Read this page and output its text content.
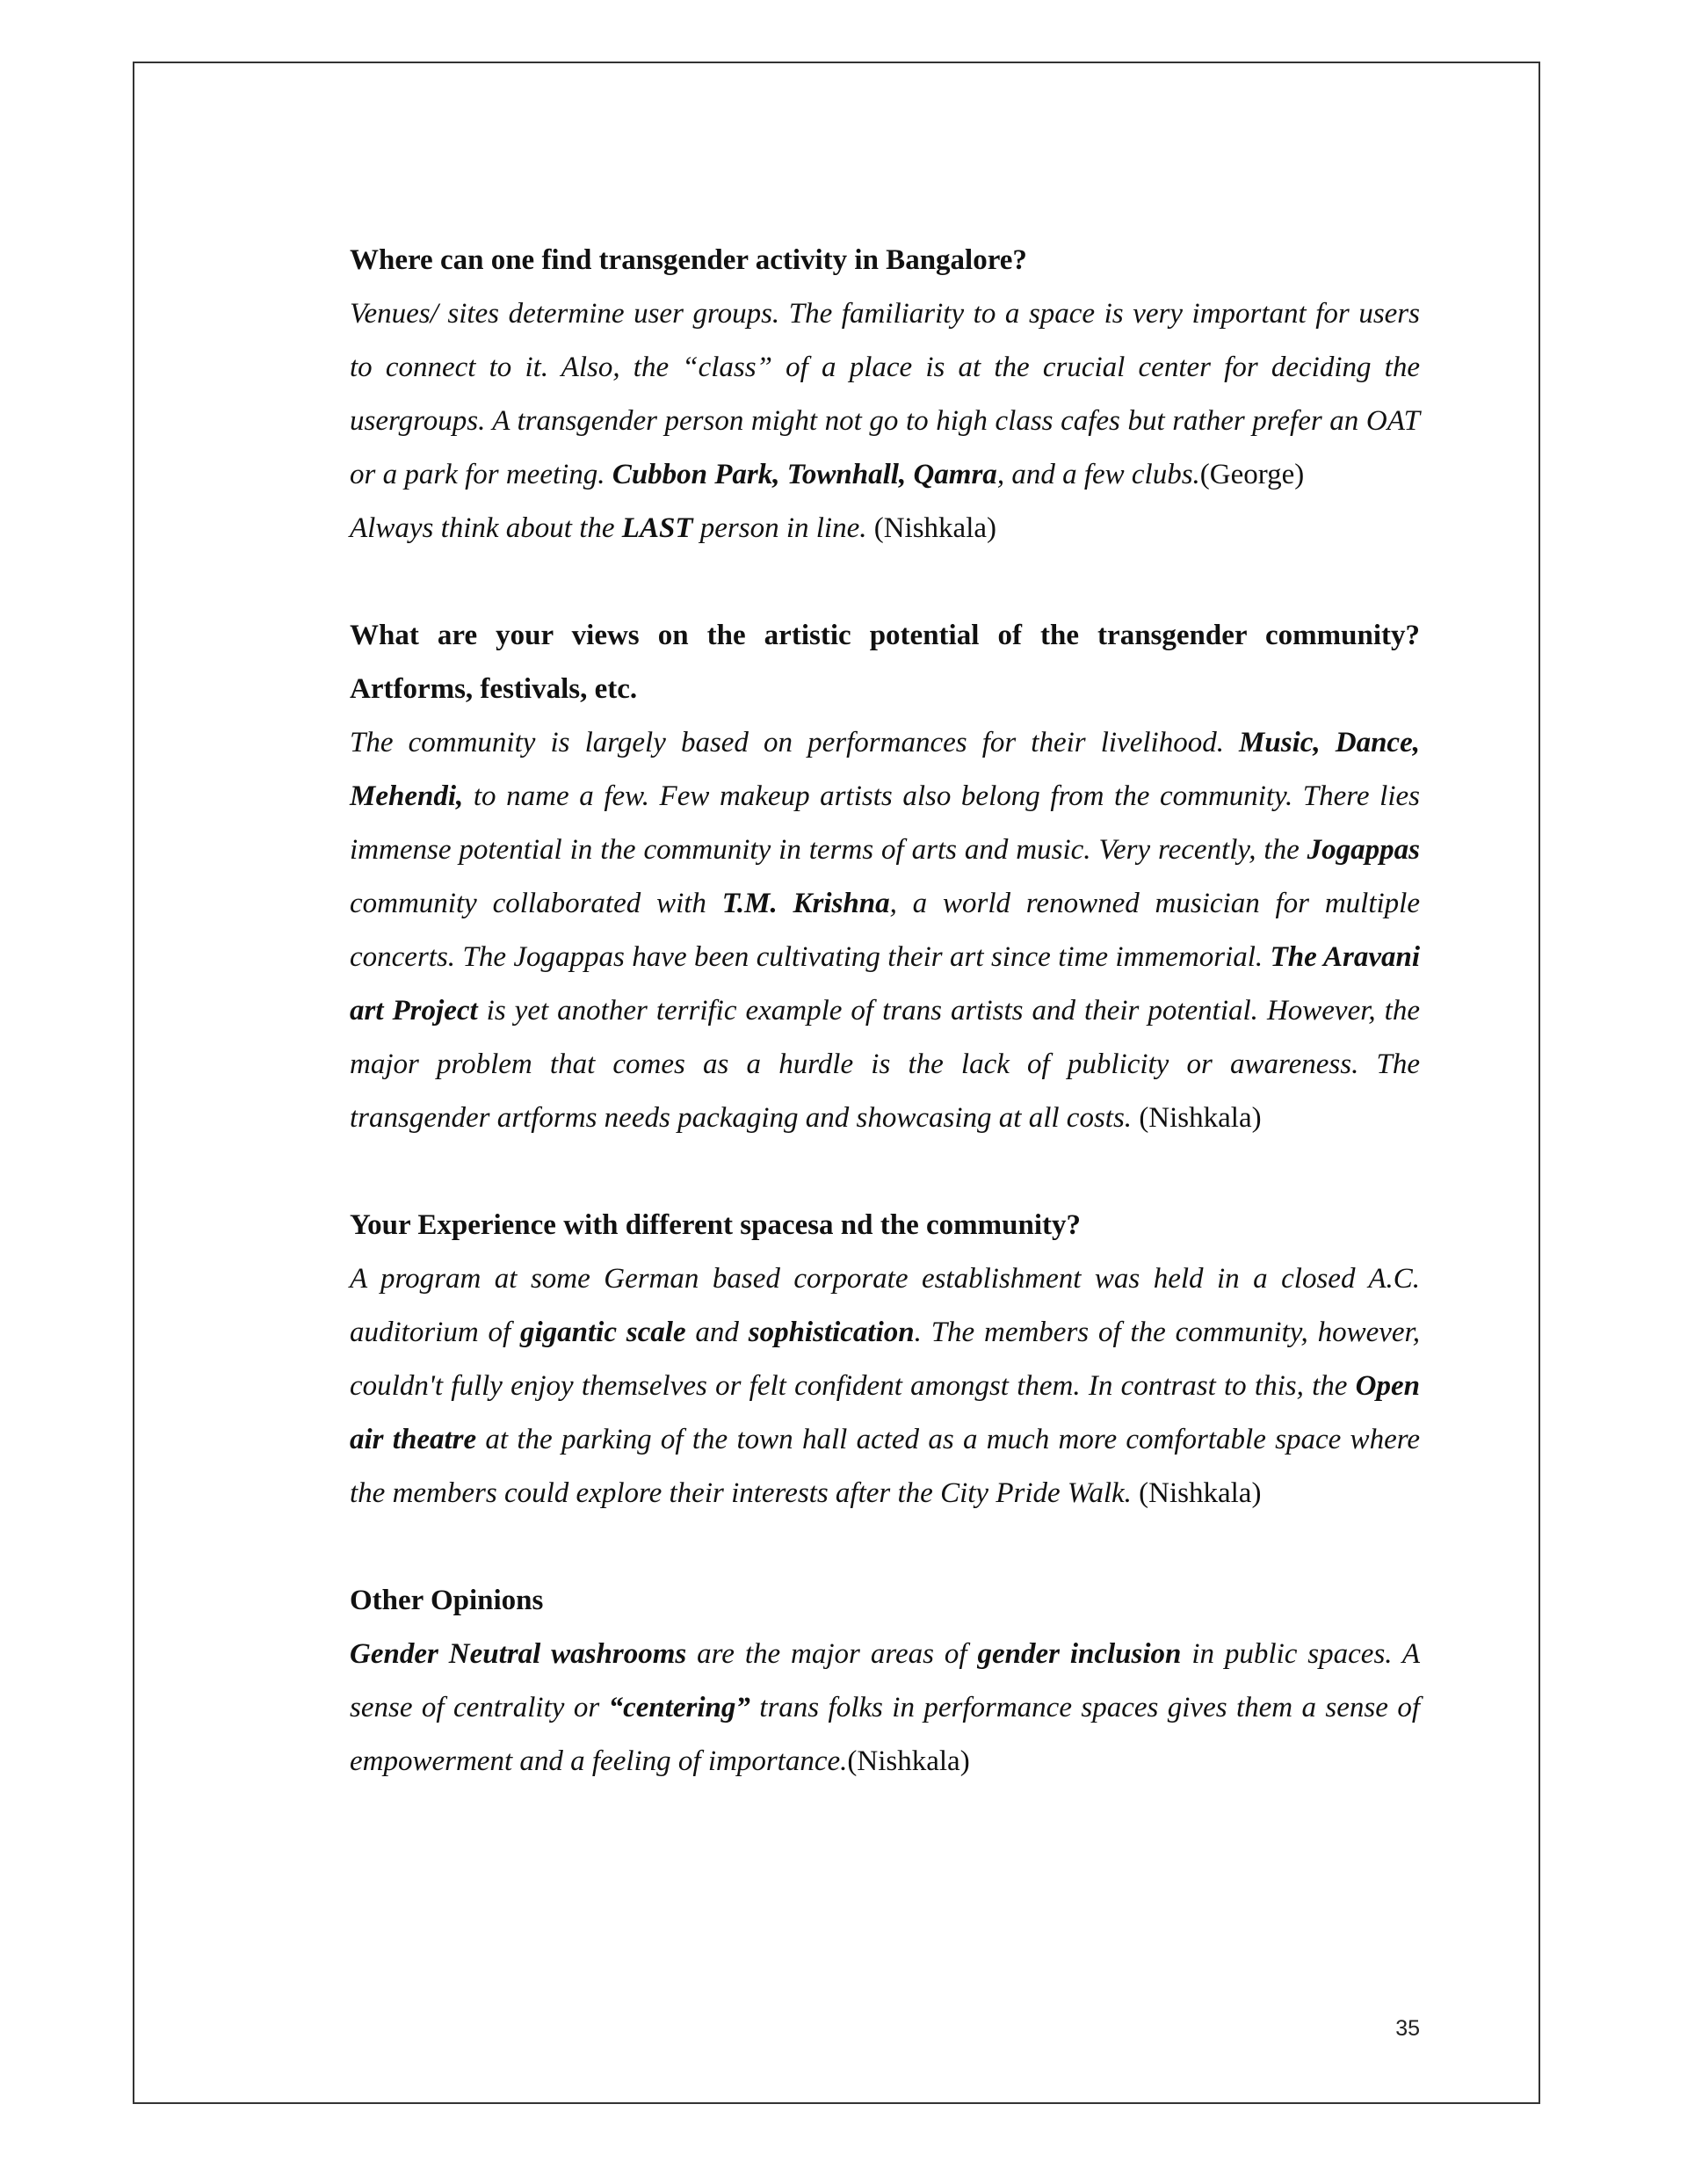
Where can one find transgender activity in Bangalore?

Venues/ sites determine user groups. The familiarity to a space is very important for users to connect to it. Also, the “class” of a place is at the crucial center for deciding the usergroups. A transgender person might not go to high class cafes but rather prefer an OAT or a park for meeting. Cubbon Park, Townhall, Qamra, and a few clubs.(George)

Always think about the LAST person in line. (Nishkala)

What are your views on the artistic potential of the transgender community? Artforms, festivals, etc.

The community is largely based on performances for their livelihood. Music, Dance, Mehendi, to name a few. Few makeup artists also belong from the community. There lies immense potential in the community in terms of arts and music. Very recently, the Jogappas community collaborated with T.M. Krishna, a world renowned musician for multiple concerts. The Jogappas have been cultivating their art since time immemorial. The Aravani art Project is yet another terrific example of trans artists and their potential. However, the major problem that comes as a hurdle is the lack of publicity or awareness. The transgender artforms needs packaging and showcasing at all costs. (Nishkala)

Your Experience with different spacesa nd the community?

A program at some German based corporate establishment was held in a closed A.C. auditorium of gigantic scale and sophistication. The members of the community, however, couldn't fully enjoy themselves or felt confident amongst them. In contrast to this, the Open air theatre at the parking of the town hall acted as a much more comfortable space where the members could explore their interests after the City Pride Walk. (Nishkala)

Other Opinions

Gender Neutral washrooms are the major areas of gender inclusion in public spaces. A sense of centrality or “centering” trans folks in performance spaces gives them a sense of empowerment and a feeling of importance.(Nishkala)

35
